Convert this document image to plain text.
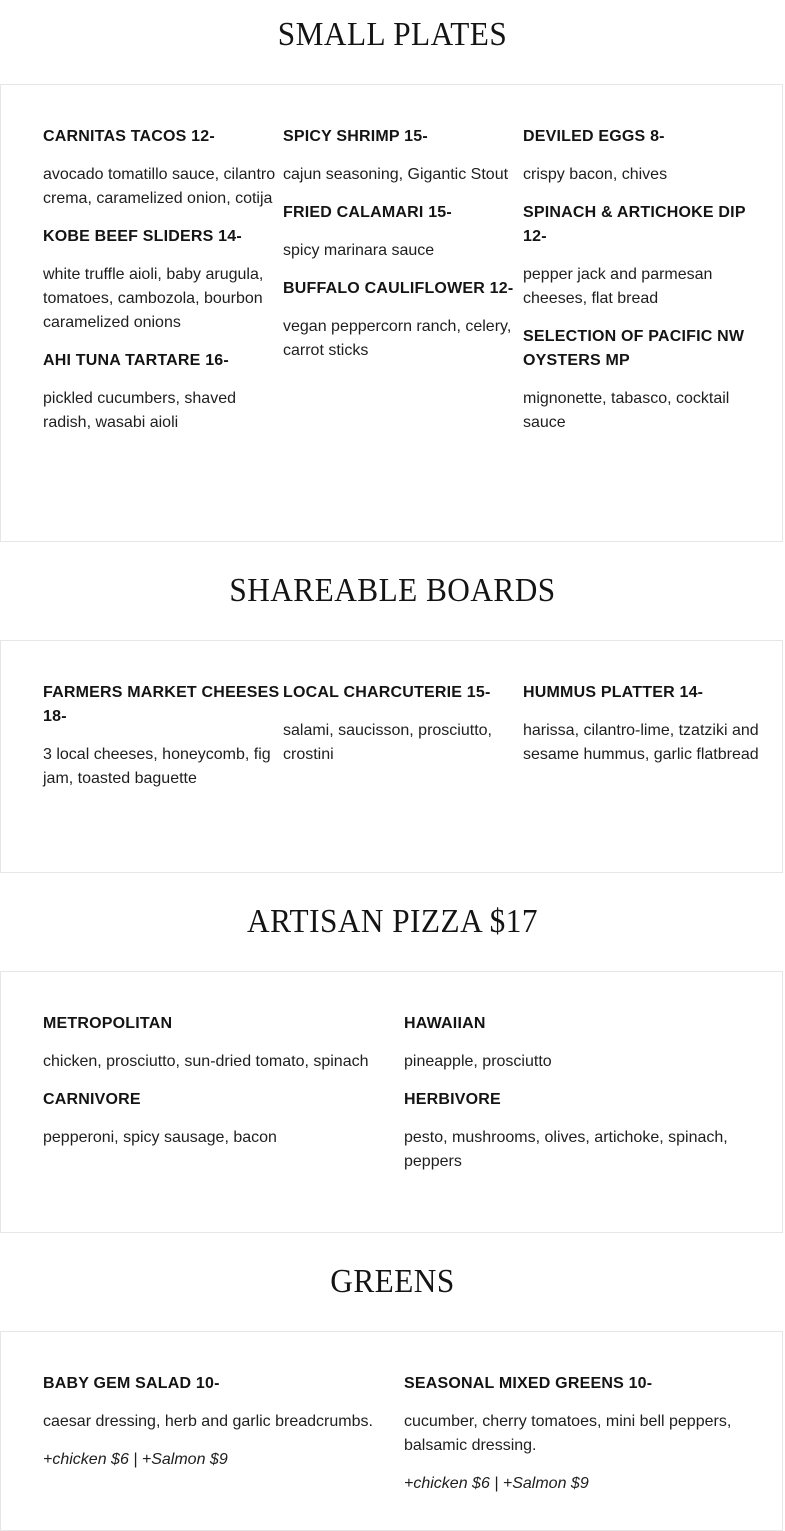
SMALL PLATES
CARNITAS TACOS 12-
avocado tomatillo sauce, cilantro crema, caramelized onion, cotija
KOBE BEEF SLIDERS 14-
white truffle aioli, baby arugula, tomatoes, cambozola, bourbon caramelized onions
AHI TUNA TARTARE 16-
pickled cucumbers, shaved radish, wasabi aioli
SPICY SHRIMP 15-
cajun seasoning, Gigantic Stout
FRIED CALAMARI 15-
spicy marinara sauce
BUFFALO CAULIFLOWER 12-
vegan peppercorn ranch, celery, carrot sticks
DEVILED EGGS 8-
crispy bacon, chives
SPINACH & ARTICHOKE DIP 12-
pepper jack and parmesan cheeses, flat bread
SELECTION OF PACIFIC NW OYSTERS MP
mignonette, tabasco, cocktail sauce
SHAREABLE BOARDS
FARMERS MARKET CHEESES 18-
3 local cheeses, honeycomb, fig jam, toasted baguette
LOCAL CHARCUTERIE 15-
salami, saucisson, prosciutto, crostini
HUMMUS PLATTER 14-
harissa, cilantro-lime, tzatziki and sesame hummus, garlic flatbread
ARTISAN PIZZA $17
METROPOLITAN
chicken, prosciutto, sun-dried tomato, spinach
CARNIVORE
pepperoni, spicy sausage, bacon
HAWAIIAN
pineapple, prosciutto
HERBIVORE
pesto, mushrooms, olives, artichoke, spinach, peppers
GREENS
BABY GEM SALAD 10-
caesar dressing, herb and garlic breadcrumbs.
+chicken $6 | +Salmon $9
SEASONAL MIXED GREENS 10-
cucumber, cherry tomatoes, mini bell peppers, balsamic dressing.
+chicken $6 | +Salmon $9
